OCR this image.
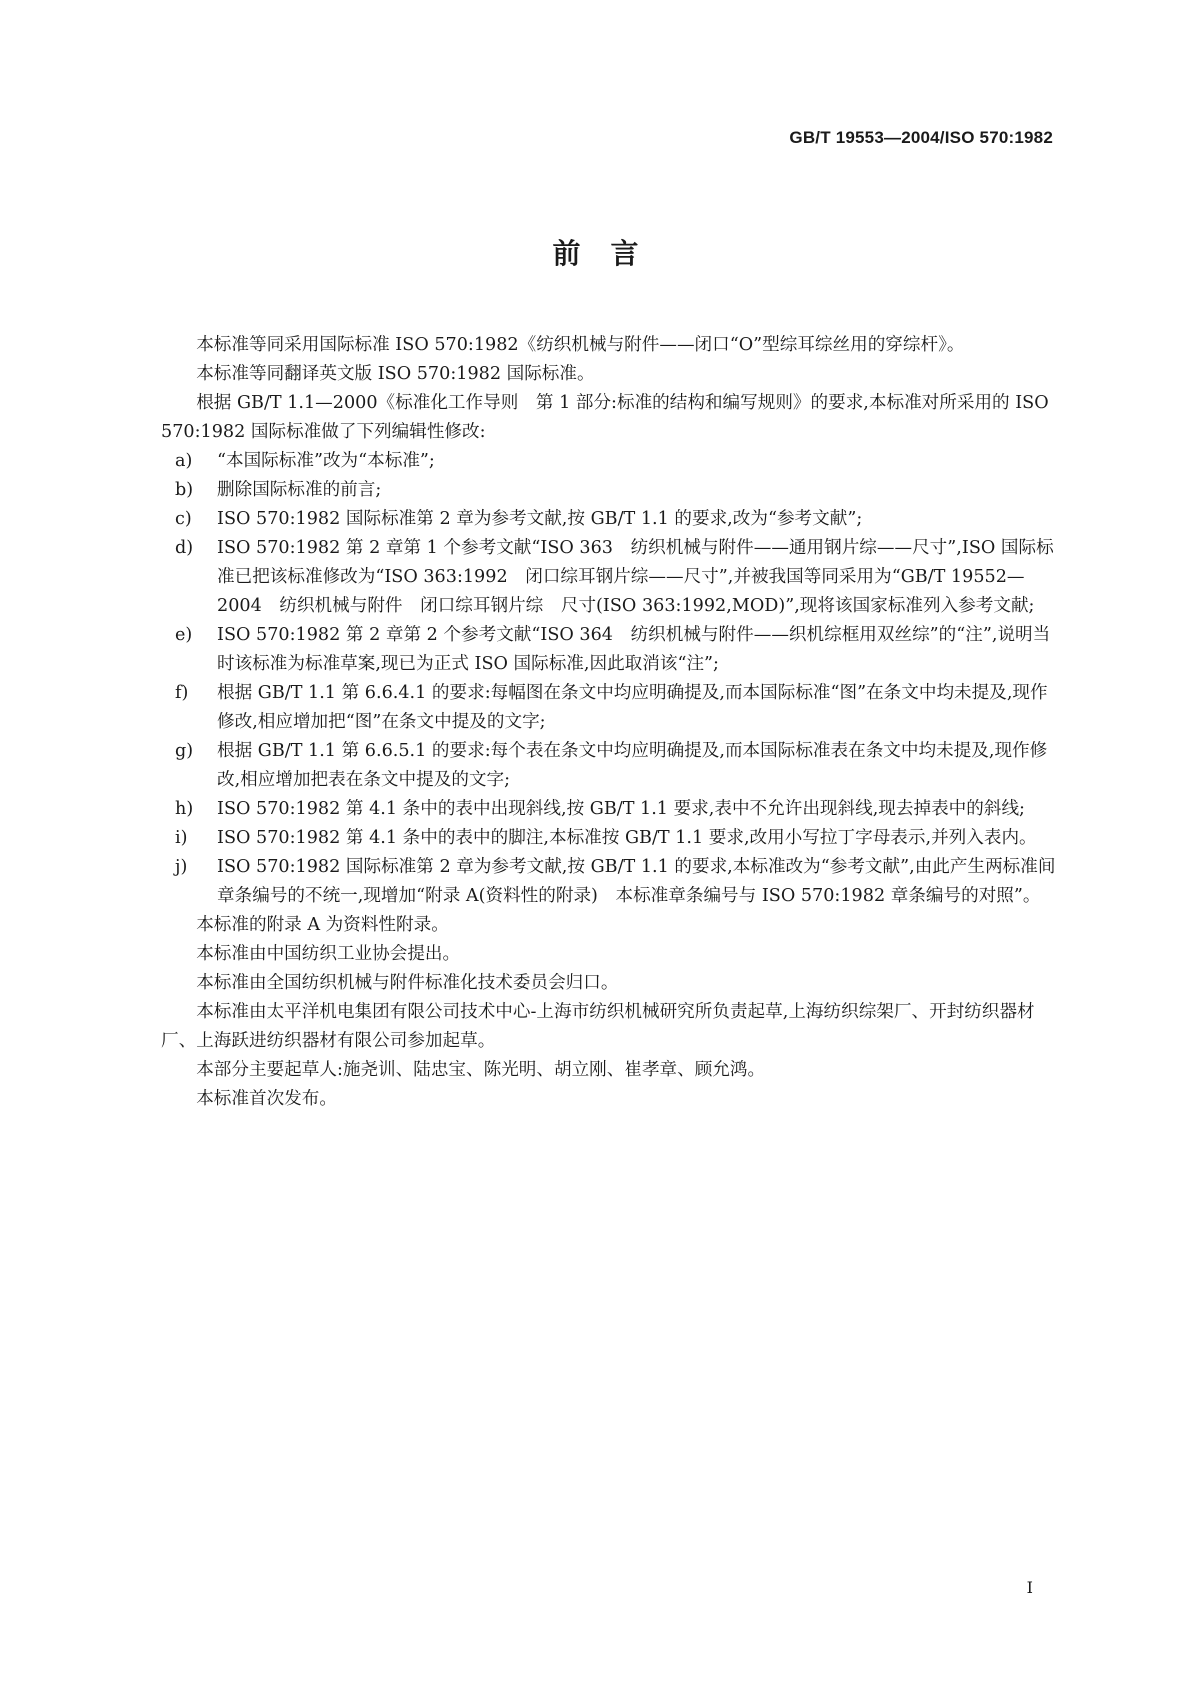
GB/T 19553—2004/ISO 570:1982
前言

本标准等同采用国际标准 ISO 570:1982《纺织机械与附件——闭口“O”型综耳综丝用的穿综杆》。

本标准等同翻译英文版 ISO 570:1982 国际标准。

根据 GB/T 1.1—2000《标准化工作导则　第 1 部分:标准的结构和编写规则》的要求,本标准对所采用的 ISO 570:1982 国际标准做了下列编辑性修改:

a)	“本国际标准”改为“本标准”;
b)	删除国际标准的前言;
c)	ISO 570:1982 国际标准第 2 章为参考文献,按 GB/T 1.1 的要求,改为“参考文献”;
d)	ISO 570:1982 第 2 章第 1 个参考文献“ISO 363　纺织机械与附件——通用钢片综——尺寸”,ISO 国际标准已把该标准修改为“ISO 363:1992　闭口综耳钢片综——尺寸”,并被我国等同采用为“GB/T 19552—2004　纺织机械与附件　闭口综耳钢片综　尺寸(ISO 363:1992,MOD)”,现将该国家标准列入参考文献;
e)	ISO 570:1982 第 2 章第 2 个参考文献“ISO 364　纺织机械与附件——织机综框用双丝综”的“注”,说明当时该标准为标准草案,现已为正式 ISO 国际标准,因此取消该“注”;
f)	根据 GB/T 1.1 第 6.6.4.1 的要求:每幅图在条文中均应明确提及,而本国际标准“图”在条文中均未提及,现作修改,相应增加把“图”在条文中提及的文字;
g)	根据 GB/T 1.1 第 6.6.5.1 的要求:每个表在条文中均应明确提及,而本国际标准表在条文中均未提及,现作修改,相应增加把表在条文中提及的文字;
h)	ISO 570:1982 第 4.1 条中的表中出现斜线,按 GB/T 1.1 要求,表中不允许出现斜线,现去掉表中的斜线;
i)	ISO 570:1982 第 4.1 条中的表中的脚注,本标准按 GB/T 1.1 要求,改用小写拉丁字母表示,并列入表内。
j)	ISO 570:1982 国际标准第 2 章为参考文献,按 GB/T 1.1 的要求,本标准改为“参考文献”,由此产生两标准间章条编号的不统一,现增加“附录 A(资料性的附录)　本标准章条编号与 ISO 570:1982 章条编号的对照”。

本标准的附录 A 为资料性附录。

本标准由中国纺织工业协会提出。

本标准由全国纺织机械与附件标准化技术委员会归口。

本标准由太平洋机电集团有限公司技术中心-上海市纺织机械研究所负责起草,上海纺织综架厂、开封纺织器材厂、上海跃进纺织器材有限公司参加起草。

本部分主要起草人:施尧训、陆忠宝、陈光明、胡立刚、崔孝章、顾允鸿。

本标准首次发布。

I
